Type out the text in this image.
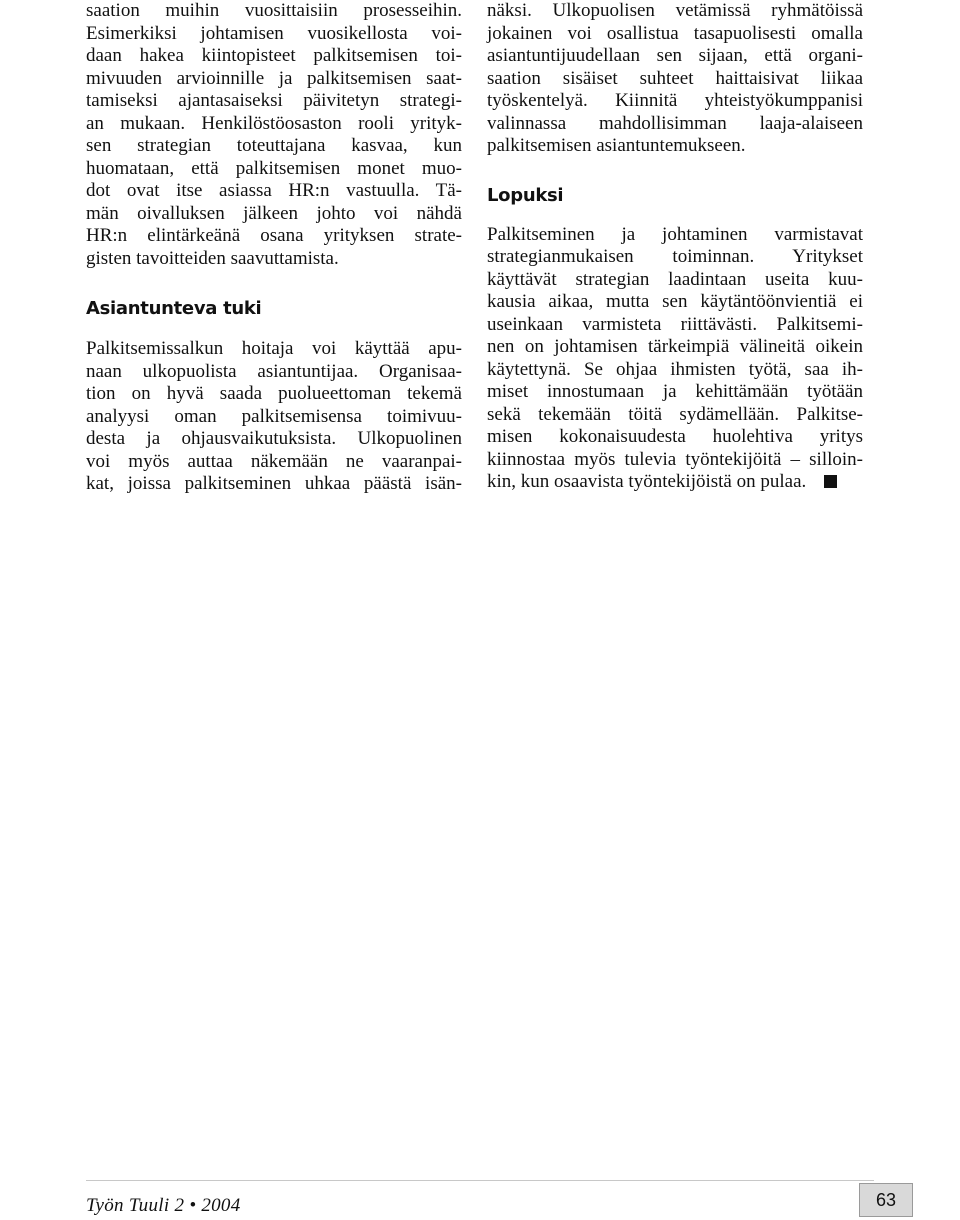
saation muihin vuosittaisiin prosesseihin.
Esimerkiksi johtamisen vuosikellosta voi-
daan hakea kiintopisteet palkitsemisen toi-
mivuuden arvioinnille ja palkitsemisen saat-
tamiseksi ajantasaiseksi päivitetyn strategi-
an mukaan. Henkilöstöosaston rooli yrityk-
sen strategian toteuttajana kasvaa, kun
huomataan, että palkitsemisen monet muo-
dot ovat itse asiassa HR:n vastuulla. Tä-
män oivalluksen jälkeen johto voi nähdä
HR:n elintärkeänä osana yrityksen strate-
gisten tavoitteiden saavuttamista.
Asiantunteva tuki
Palkitsemissalkun hoitaja voi käyttää apu-
naan ulkopuolista asiantuntijaa. Organisaa-
tion on hyvä saada puolueettoman tekemä
analyysi oman palkitsemisensa toimivuu-
desta ja ohjausvaikutuksista. Ulkopuolinen
voi myös auttaa näkemään ne vaaranpai-
kat, joissa palkitseminen uhkaa päästä isän-
näksi. Ulkopuolisen vetämissä ryhmätöissä
jokainen voi osallistua tasapuolisesti omalla
asiantuntijuudellaan sen sijaan, että organi-
saation sisäiset suhteet haittaisivat liikaa
työskentelyä. Kiinnitä yhteistyökumppanisi
valinnassa mahdollisimman laaja-alaiseen
palkitsemisen asiantuntemukseen.
Lopuksi
Palkitseminen ja johtaminen varmistavat
strategianmukaisen toiminnan. Yritykset
käyttävät strategian laadintaan useita kuu-
kausia aikaa, mutta sen käytäntöönvientiä ei
useinkaan varmisteta riittävästi. Palkitsemi-
nen on johtamisen tärkeimpiä välineitä oikein
käytettynä. Se ohjaa ihmisten työtä, saa ih-
miset innostumaan ja kehittämään työtään
sekä tekemään töitä sydämellään. Palkitse-
misen kokonaisuudesta huolehtiva yritys
kiinnostaa myös tulevia työntekijöitä – silloin-
kin, kun osaavista työntekijöistä on pulaa.
Työn Tuuli 2 • 2004	63
